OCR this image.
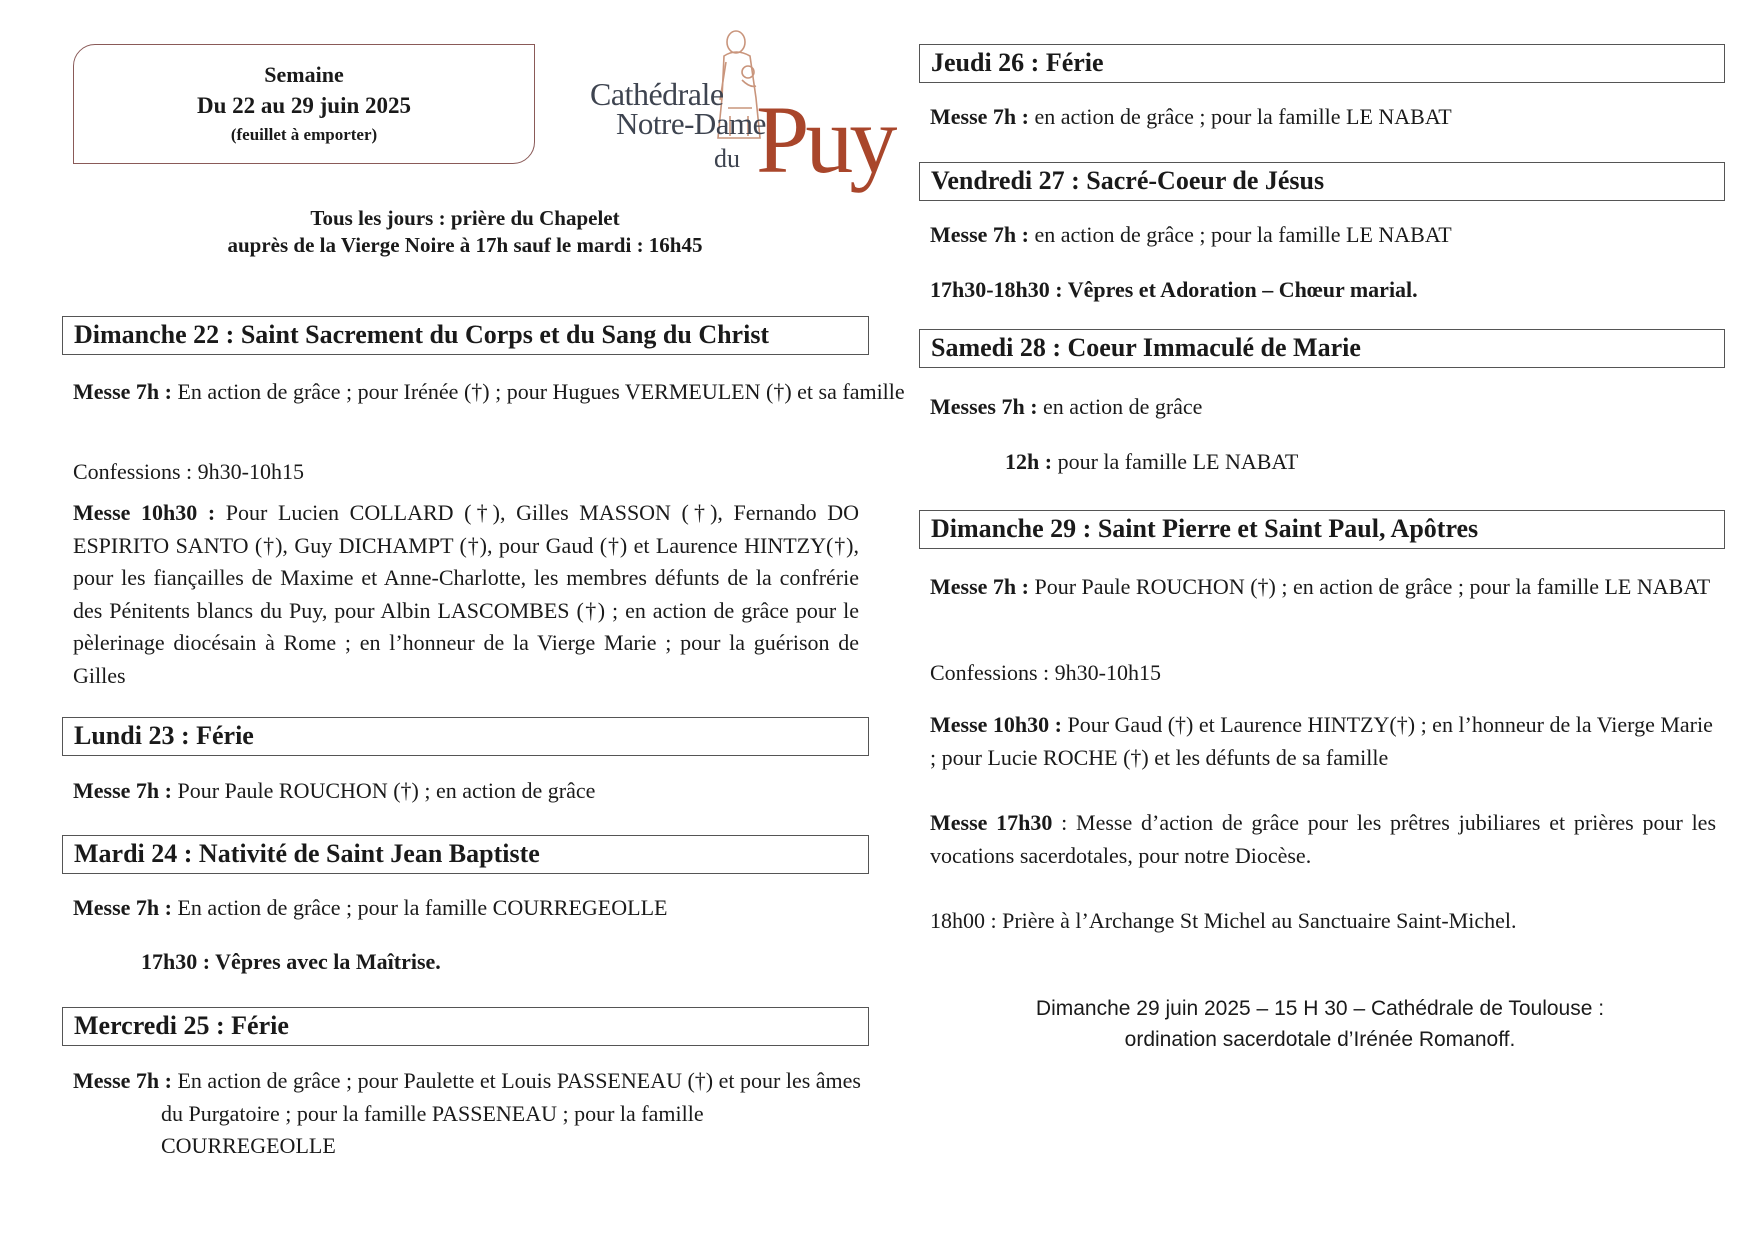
Semaine
Du 22 au 29 juin 2025
(feuillet à emporter)
Cathédrale
Notre-Dame
du Puy
Tous les jours : prière du Chapelet
auprès de la Vierge Noire à 17h sauf le mardi : 16h45
Dimanche 22 : Saint Sacrement du Corps et du Sang du Christ
Messe 7h : En action de grâce ; pour Irénée (†) ; pour Hugues VERMEULEN (†) et sa famille
Confessions : 9h30-10h15
Messe 10h30 : Pour Lucien COLLARD (†), Gilles MASSON (†), Fernando DO ESPIRITO SANTO (†), Guy DICHAMPT (†), pour Gaud (†) et Laurence HINTZY(†), pour les fiançailles de Maxime et Anne-Charlotte, les membres défunts de la confrérie des Pénitents blancs du Puy, pour Albin LASCOMBES (†) ; en action de grâce pour le pèlerinage diocésain à Rome ; en l’honneur de la Vierge Marie ; pour la guérison de Gilles
Lundi 23 : Férie
Messe 7h : Pour Paule ROUCHON (†) ; en action de grâce
Mardi 24 : Nativité de Saint Jean Baptiste
Messe 7h : En action de grâce ; pour la famille COURREGEOLLE
17h30 : Vêpres avec la Maîtrise.
Mercredi 25 : Férie
Messe 7h : En action de grâce ; pour Paulette et Louis PASSENEAU (†) et pour les âmes du Purgatoire ; pour la famille PASSENEAU ; pour la famille COURREGEOLLE
Jeudi 26 : Férie
Messe 7h : en action de grâce ; pour la famille LE NABAT
Vendredi 27 : Sacré-Coeur de Jésus
Messe 7h : en action de grâce ; pour la famille LE NABAT
17h30-18h30 : Vêpres et Adoration – Chœur marial.
Samedi 28 : Coeur Immaculé de Marie
Messes 7h : en action de grâce
12h : pour la famille LE NABAT
Dimanche 29 : Saint Pierre et Saint Paul, Apôtres
Messe 7h : Pour Paule ROUCHON (†) ; en action de grâce ; pour la famille LE NABAT
Confessions : 9h30-10h15
Messe 10h30 : Pour Gaud (†) et Laurence HINTZY(†) ; en l’honneur de la Vierge Marie ; pour Lucie ROCHE (†) et les défunts de sa famille
Messe 17h30 : Messe d’action de grâce pour les prêtres jubiliares et prières pour les vocations sacerdotales, pour notre Diocèse.
18h00 : Prière à l’Archange St Michel au Sanctuaire Saint-Michel.
Dimanche 29 juin 2025 – 15 H 30 – Cathédrale de Toulouse :
ordination sacerdotale d’Irénée Romanoff.
